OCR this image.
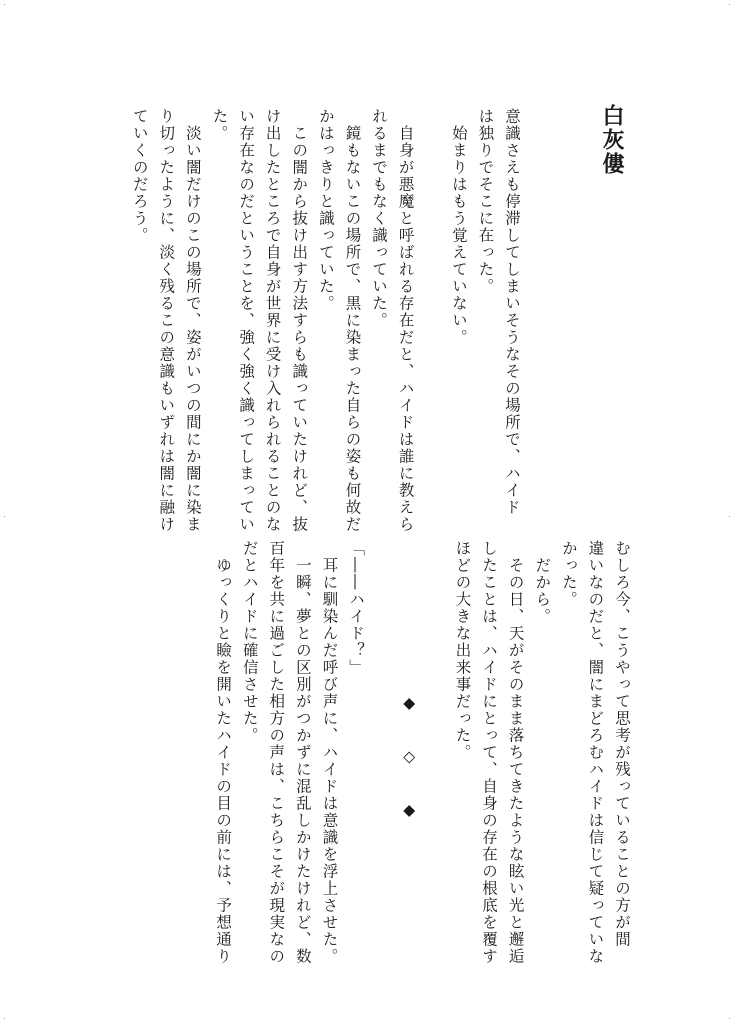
白灰僂

意識さえも停滞してしまいそうなその場所で、ハイド

は独りでそこに在った。

　始まりはもう覚えていない。

　自身が悪魔と呼ばれる存在だと、ハイドは誰に教えら

れるまでもなく識っていた。

　鏡もないこの場所で、黒に染まった自らの姿も何故だ

かはっきりと識っていた。

　この闇から抜け出す方法すらも識っていたけれど、抜

け出したところで自身が世界に受け入れられることのな

い存在なのだということを、強く強く識ってしまってい

た。

　淡い闇だけのこの場所で、姿がいつの間にか闇に染ま

り切ったように、淡く残るこの意識もいずれは闇に融け

ていくのだろう。

むしろ今、こうやって思考が残っていることの方が間

違いなのだと、闇にまどろむハイドは信じて疑っていな

かった。

　だから。

　その日、天がそのまま落ちてきたような眩い光と邂逅

したことは、ハイドにとって、自身の存在の根底を覆す

ほどの大きな出来事だった。

◆　　◇　　◆

「――ハイド？」

　耳に馴染んだ呼び声に、ハイドは意識を浮上させた。

　一瞬、夢との区別がつかずに混乱しかけたけれど、数

百年を共に過ごした相方の声は、こちらこそが現実なの

だとハイドに確信させた。

　ゆっくりと瞼を開いたハイドの目の前には、予想通り
